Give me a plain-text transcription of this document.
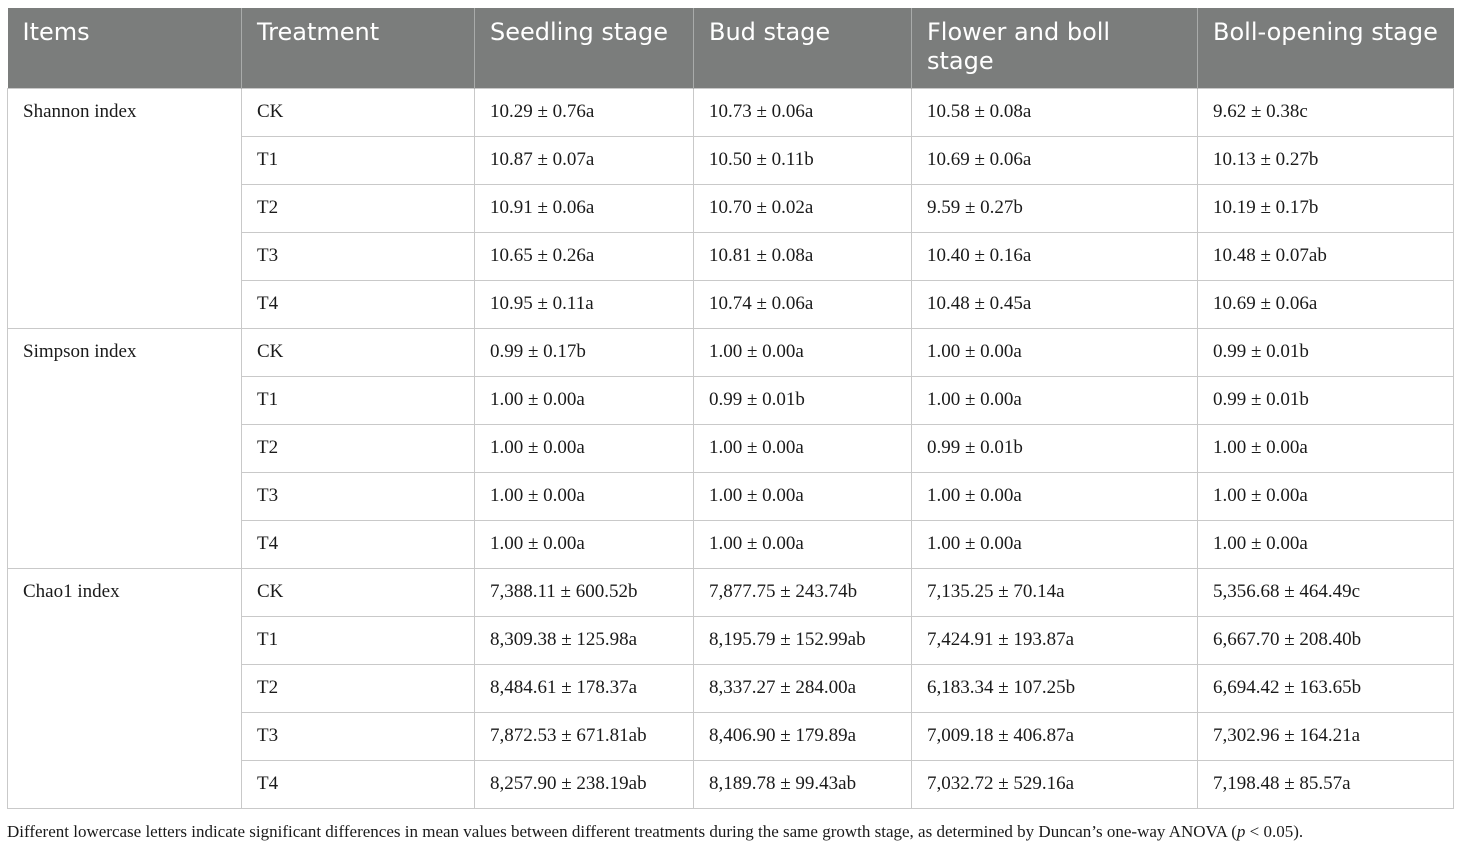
Items	Treatment	Seedling stage	Bud stage	Flower and boll stage	Boll-opening stage
Shannon index	CK	10.29 ± 0.76a	10.73 ± 0.06a	10.58 ± 0.08a	9.62 ± 0.38c
	T1	10.87 ± 0.07a	10.50 ± 0.11b	10.69 ± 0.06a	10.13 ± 0.27b
	T2	10.91 ± 0.06a	10.70 ± 0.02a	9.59 ± 0.27b	10.19 ± 0.17b
	T3	10.65 ± 0.26a	10.81 ± 0.08a	10.40 ± 0.16a	10.48 ± 0.07ab
	T4	10.95 ± 0.11a	10.74 ± 0.06a	10.48 ± 0.45a	10.69 ± 0.06a
Simpson index	CK	0.99 ± 0.17b	1.00 ± 0.00a	1.00 ± 0.00a	0.99 ± 0.01b
	T1	1.00 ± 0.00a	0.99 ± 0.01b	1.00 ± 0.00a	0.99 ± 0.01b
	T2	1.00 ± 0.00a	1.00 ± 0.00a	0.99 ± 0.01b	1.00 ± 0.00a
	T3	1.00 ± 0.00a	1.00 ± 0.00a	1.00 ± 0.00a	1.00 ± 0.00a
	T4	1.00 ± 0.00a	1.00 ± 0.00a	1.00 ± 0.00a	1.00 ± 0.00a
Chao1 index	CK	7,388.11 ± 600.52b	7,877.75 ± 243.74b	7,135.25 ± 70.14a	5,356.68 ± 464.49c
	T1	8,309.38 ± 125.98a	8,195.79 ± 152.99ab	7,424.91 ± 193.87a	6,667.70 ± 208.40b
	T2	8,484.61 ± 178.37a	8,337.27 ± 284.00a	6,183.34 ± 107.25b	6,694.42 ± 163.65b
	T3	7,872.53 ± 671.81ab	8,406.90 ± 179.89a	7,009.18 ± 406.87a	7,302.96 ± 164.21a
	T4	8,257.90 ± 238.19ab	8,189.78 ± 99.43ab	7,032.72 ± 529.16a	7,198.48 ± 85.57a
Different lowercase letters indicate significant differences in mean values between different treatments during the same growth stage, as determined by Duncan’s one-way ANOVA (p < 0.05).
